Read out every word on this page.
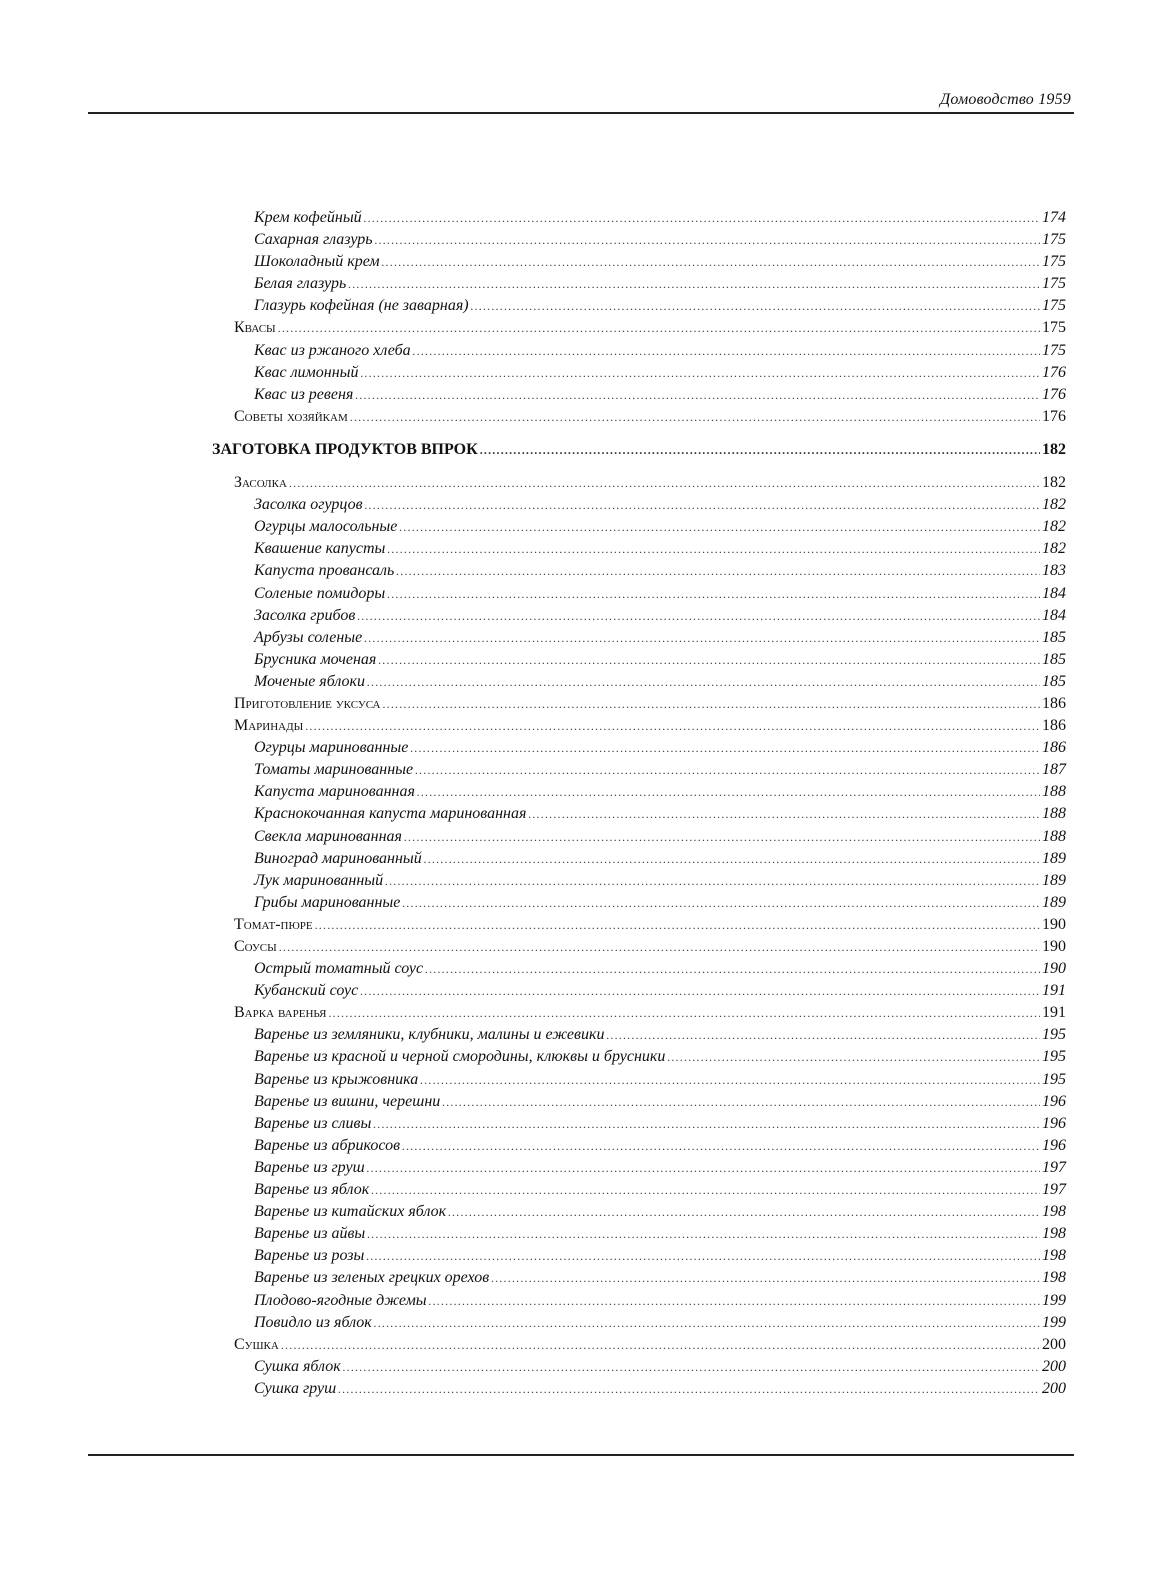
Домоводство 1959
Крем кофейный .....	174
Сахарная глазурь .....	175
Шоколадный крем .....	175
Белая глазурь .....	175
Глазурь кофейная (не заварная) .....	175
Квасы .....	175
Квас из ржаного хлеба .....	175
Квас лимонный .....	176
Квас из ревеня .....	176
Советы хозяйкам .....	176
ЗАГОТОВКА ПРОДУКТОВ ВПРОК .....	182
Засолка .....	182
Засолка огурцов .....	182
Огурцы малосольные .....	182
Квашение капусты .....	182
Капуста провансаль .....	183
Соленые помидоры .....	184
Засолка грибов .....	184
Арбузы соленые .....	185
Брусника моченая .....	185
Моченые яблоки .....	185
Приготовление уксуса .....	186
Маринады .....	186
Огурцы маринованные .....	186
Томаты маринованные .....	187
Капуста маринованная .....	188
Краснокочанная капуста маринованная .....	188
Свекла маринованная .....	188
Виноград маринованный .....	189
Лук маринованный .....	189
Грибы маринованные .....	189
Томат-пюре .....	190
Соусы .....	190
Острый томатный соус .....	190
Кубанский соус .....	191
Варка варенья .....	191
Варенье из земляники, клубники, малины и ежевики .....	195
Варенье из красной и черной смородины, клюквы и брусники .....	195
Варенье из крыжовника .....	195
Варенье из вишни, черешни .....	196
Варенье из сливы .....	196
Варенье из абрикосов .....	196
Варенье из груш .....	197
Варенье из яблок .....	197
Варенье из китайских яблок .....	198
Варенье из айвы .....	198
Варенье из розы .....	198
Варенье из зеленых грецких орехов .....	198
Плодово-ягодные джемы .....	199
Повидло из яблок .....	199
Сушка .....	200
Сушка яблок .....	200
Сушка груш .....	200
